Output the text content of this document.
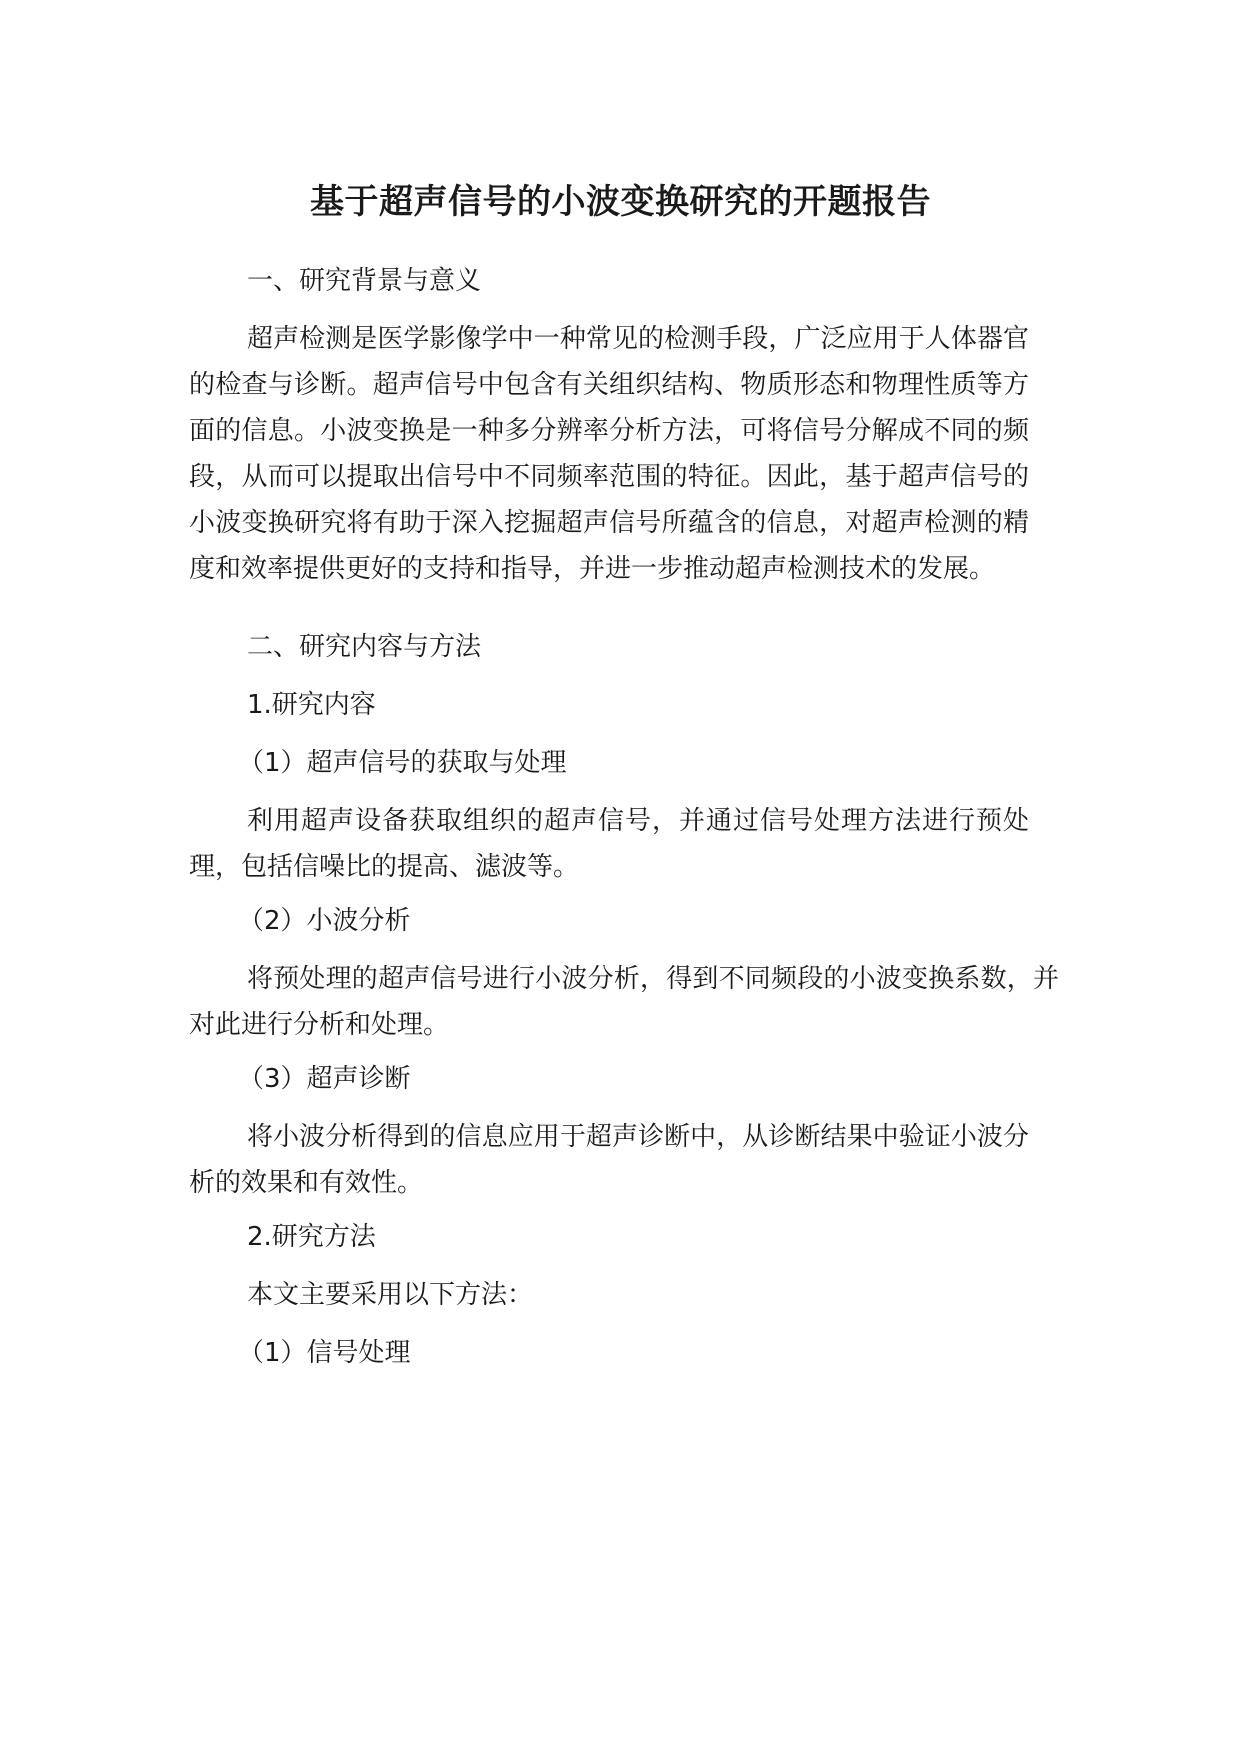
基于超声信号的小波变换研究的开题报告

一、研究背景与意义

超声检测是医学影像学中一种常见的检测手段，广泛应用于人体器官的检查与诊断。超声信号中包含有关组织结构、物质形态和物理性质等方面的信息。小波变换是一种多分辨率分析方法，可将信号分解成不同的频段，从而可以提取出信号中不同频率范围的特征。因此，基于超声信号的小波变换研究将有助于深入挖掘超声信号所蕴含的信息，对超声检测的精度和效率提供更好的支持和指导，并进一步推动超声检测技术的发展。

二、研究内容与方法

1.研究内容

（1）超声信号的获取与处理

利用超声设备获取组织的超声信号，并通过信号处理方法进行预处理，包括信噪比的提高、滤波等。

（2）小波分析

将预处理的超声信号进行小波分析，得到不同频段的小波变换系数，并对此进行分析和处理。

（3）超声诊断

将小波分析得到的信息应用于超声诊断中，从诊断结果中验证小波分析的效果和有效性。

2.研究方法

本文主要采用以下方法：

（1）信号处理
